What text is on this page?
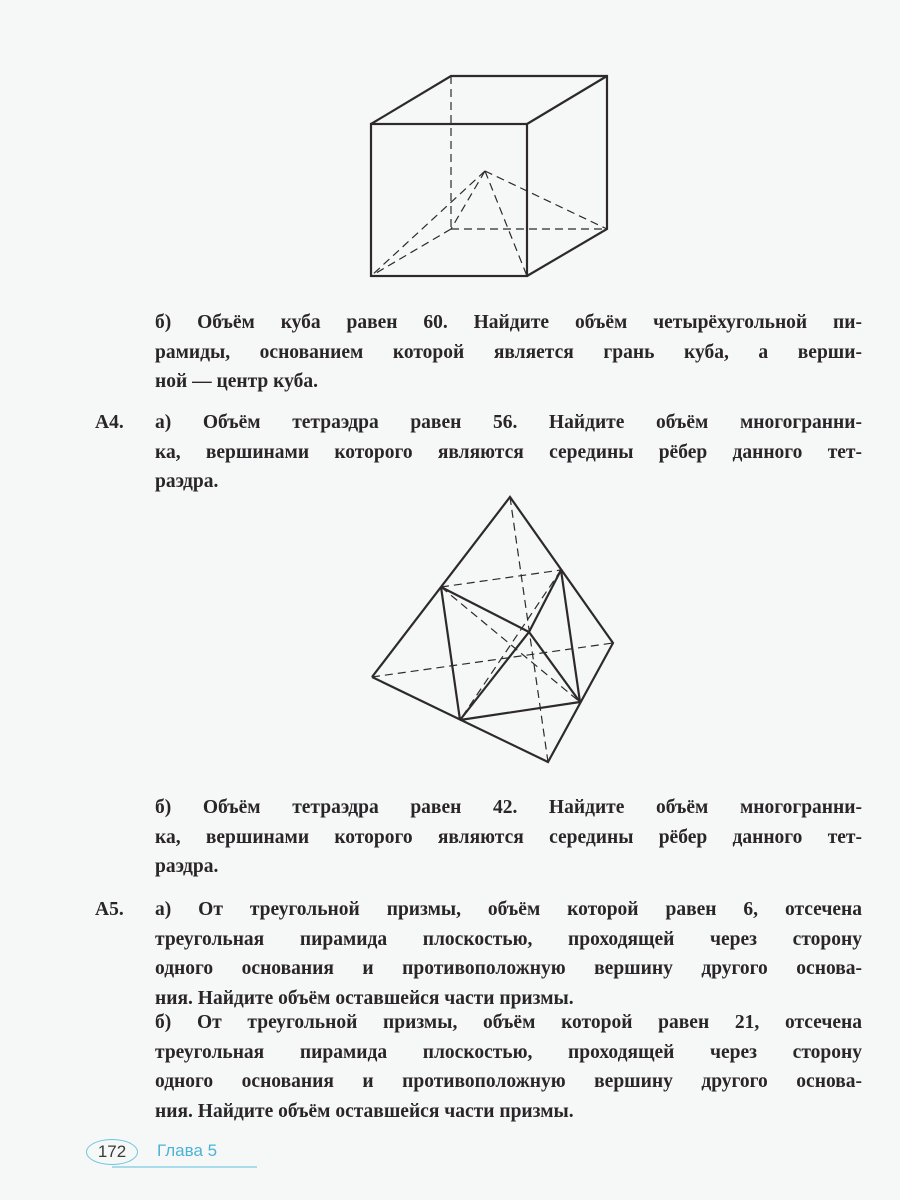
б) Объём куба равен 60. Найдите объём четырёхугольной пи-
рамиды, основанием которой является грань куба, а верши-
ной — центр куба.
А4. а) Объём тетраэдра равен 56. Найдите объём многогранни-
ка, вершинами которого являются середины рёбер данного тет-
раэдра.
б) Объём тетраэдра равен 42. Найдите объём многогранни-
ка, вершинами которого являются середины рёбер данного тет-
раэдра.
А5. а) От треугольной призмы, объём которой равен 6, отсечена
треугольная пирамида плоскостью, проходящей через сторону
одного основания и противоположную вершину другого основа-
ния. Найдите объём оставшейся части призмы.
б) От треугольной призмы, объём которой равен 21, отсечена
треугольная пирамида плоскостью, проходящей через сторону
одного основания и противоположную вершину другого основа-
ния. Найдите объём оставшейся части призмы.
172	Глава 5
